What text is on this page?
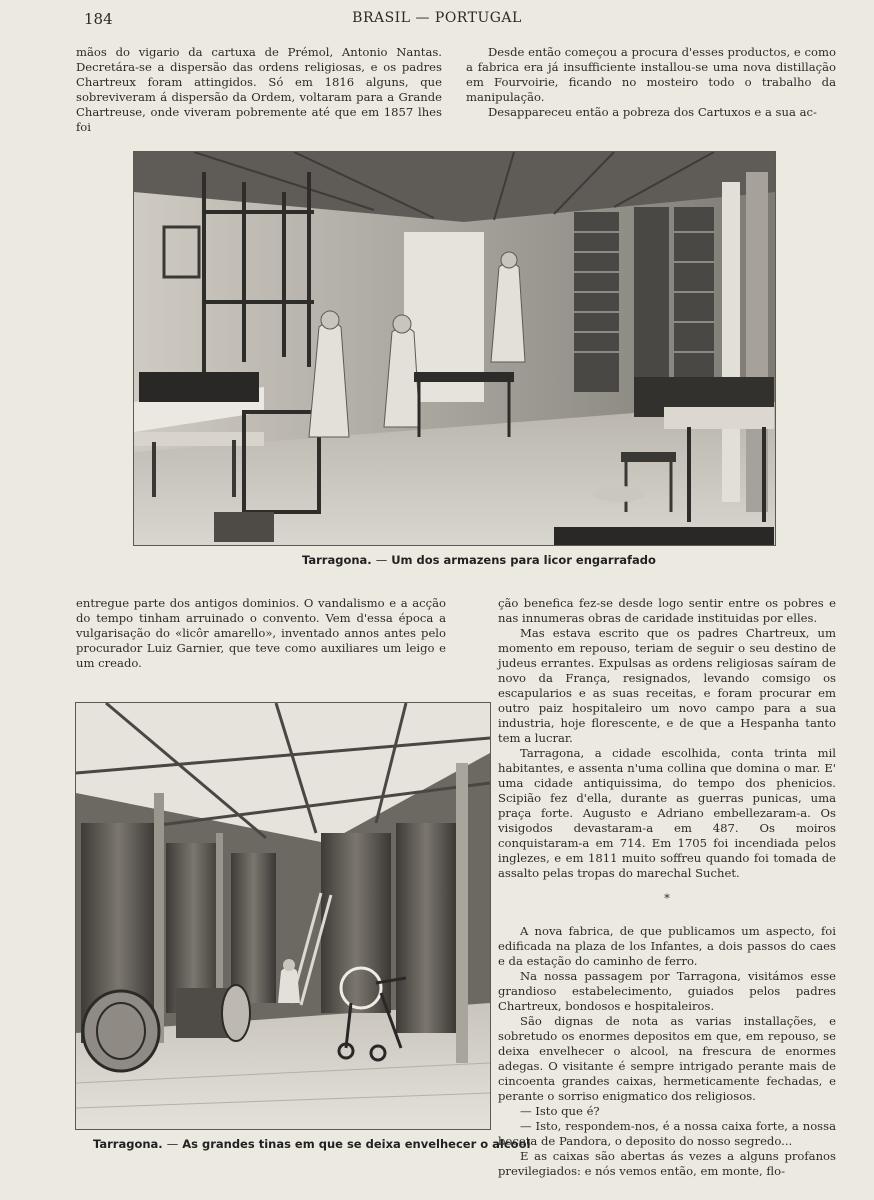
184	BRASIL — PORTUGAL

mãos do vigario da cartuxa de Prémol, Antonio Nantas. Decretára-se a dispersão das ordens religiosas, e os padres Chartreux foram attingidos. Só em 1816 alguns, que sobreviveram á dispersão da Ordem, voltaram para a Grande Chartreuse, onde viveram pobremente até que em 1857 lhes foi

Desde então começou a procura d'esses productos, e como a fabrica era já insufficiente installou-se uma nova distillação em Fourvoirie, ficando no mosteiro todo o trabalho da manipulação.

Desappareceu então a pobreza dos Cartuxos e a sua ac-

Tarragona. — Um dos armazens para licor engarrafado

entregue parte dos antigos dominios. O vandalismo e a acção do tempo tinham arruinado o convento. Vem d'essa época a vulgarisação do «licôr amarello», inventado annos antes pelo procurador Luiz Garnier, que teve como auxiliares um leigo e um creado.

ção benefica fez-se desde logo sentir entre os pobres e nas innumeras obras de caridade instituidas por elles.

Mas estava escrito que os padres Chartreux, um momento em repouso, teriam de seguir o seu destino de judeus errantes. Expulsas as ordens religiosas saíram de novo da França, resignados, levando comsigo os escapularios e as suas receitas, e foram procurar em outro paiz hospitaleiro um novo campo para a sua industria, hoje florescente, e de que a Hespanha tanto tem a lucrar.

Tarragona, a cidade escolhida, conta trinta mil habitantes, e assenta n'uma collina que domina o mar. E' uma cidade antiquissima, do tempo dos phenicios. Scipião fez d'ella, durante as guerras punicas, uma praça forte. Augusto e Adriano embellezaram-a. Os visigodos devastaram-a em 487. Os moiros conquistaram-a em 714. Em 1705 foi incendiada pelos inglezes, e em 1811 muito soffreu quando foi tomada de assalto pelas tropas do marechal Suchet.

*

A nova fabrica, de que publicamos um aspecto, foi edificada na plaza de los Infantes, a dois passos do caes e da estação do caminho de ferro.

Na nossa passagem por Tarragona, visitámos esse grandioso estabelecimento, guiados pelos padres Chartreux, bondosos e hospitaleiros.

São dignas de nota as varias installações, e sobretudo os enormes depositos em que, em repouso, se deixa envelhecer o alcool, na frescura de enormes adegas. O visitante é sempre intrigado perante mais de cincoenta grandes caixas, hermeticamente fechadas, e perante o sorriso enigmatico dos religiosos.

— Isto que é?

— Isto, respondem-nos, é a nossa caixa forte, a nossa boceta de Pandora, o deposito do nosso segredo...

E as caixas são abertas ás vezes a alguns profanos previlegiados: e nós vemos então, em monte, flo-

Tarragona. — As grandes tinas em que se deixa envelhecer o alcool
